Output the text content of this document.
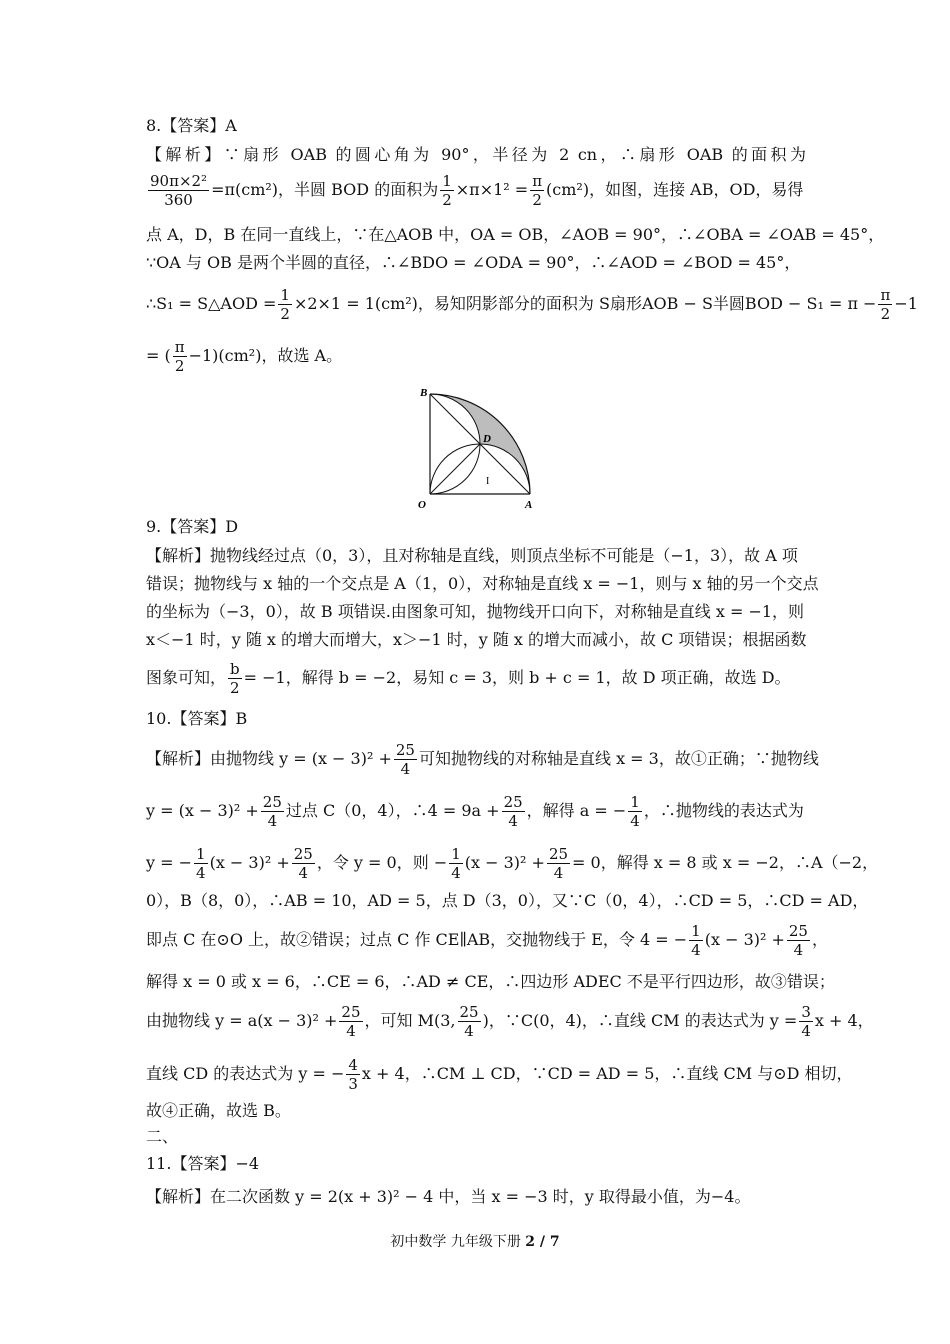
8.【答案】A
【解析】∵扇形 OAB 的圆心角为 90°，半径为 2 cn，∴扇形 OAB 的面积为
$\frac{\text{90π×2²}}{360} =\pi(cm^2)$，半圆 BOD 的面积为 $\frac{1}{2} \times\pi\times 1^2 = \frac{\pi}{2} (cm^2)$，如图，连接 AB，OD，易得
点 A，D，B 在同一直线上，∵在△AOB 中，OA = OB，∠AOB = 90°，∴∠OBA = ∠OAB = 45°，
∵OA 与 OB 是两个半圆的直径，∴∠BDO = ∠ODA = 90°，∴∠AOD = ∠BOD = 45°，
∴S₁ = S△AOD = $\frac{1}{2} \times 2\times 1 = 1(cm^2)$，易知阴影部分的面积为 S扇形AOB − S半圆BOD − $S_1 = \pi - \frac{\pi}{2} -1$
= ( $\frac{\pi}{2} -1)(cm^2)$，故选 A。
B
D
I
O	A
9.【答案】D
【解析】抛物线经过点（0，3），且对称轴是直线，则顶点坐标不可能是（−1，3），故 A 项
错误；抛物线与 x 轴的一个交点是 A（1，0），对称轴是直线 x = −1，则与 x 轴的另一个交点
的坐标为（−3，0），故 B 项错误.由图象可知，抛物线开口向下，对称轴是直线 x = −1，则
x＜−1 时，y 随 x 的增大而增大，x＞−1 时，y 随 x 的增大而减小，故 C 项错误；根据函数
图象可知， $\frac{b}{2} = -1$，解得 b = −2，易知 c = 3，则 b + c = 1，故 D 项正确，故选 D。
10.【答案】B
【解析】由抛物线 $y = (x - 3)^2 + \frac{25}{4}$ 可知抛物线的对称轴是直线 x = 3，故①正确；∵抛物线
$y = (x - 3)^2 + \frac{25}{4}$ 过点 C（0，4），∴4 = $9a + \frac{25}{4}$ ，解得 a = − $\frac{1}{4}$ ，∴抛物线的表达式为
y = − $\frac{1}{4} (x - 3)^2 + \frac{25}{4}$ ，令 y = 0，则 − $\frac{1}{4} (x - 3)^2 + \frac{25}{4} = 0$，解得 x = 8 或 x = −2，∴A（−2，
0），B（8，0），∴AB = 10，AD = 5，点 D（3，0），又∵C（0，4），∴CD = 5，∴CD = AD，
即点 C 在⊙O 上，故②错误；过点 C 作 CE∥AB，交抛物线于 E，令 4 = − $\frac{1}{4} (x - 3)^2 + \frac{25}{4}$ ，
解得 x = 0 或 x = 6，∴CE = 6，∴AD ≠ CE，∴四边形 ADEC 不是平行四边形，故③错误；
由抛物线 $y = a(x - 3)^2 + \frac{25}{4}$ ，可知 M(3, $\frac{25}{4}$ )，∵C(0，4)，∴直线 CM 的表达式为 $y = \frac{3}{4}$ x + 4，
直线 CD 的表达式为 y = − $\frac{4}{3}$ x + 4，∴CM ⊥ CD，∵CD = AD = 5，∴直线 CM 与⊙D 相切，
故④正确，故选 B。
二、
11.【答案】−4
【解析】在二次函数 y = 2(x + 3)² − 4 中，当 x = −3 时，y 取得最小值，为−4。
初中数学 九年级下册 2 / 7
